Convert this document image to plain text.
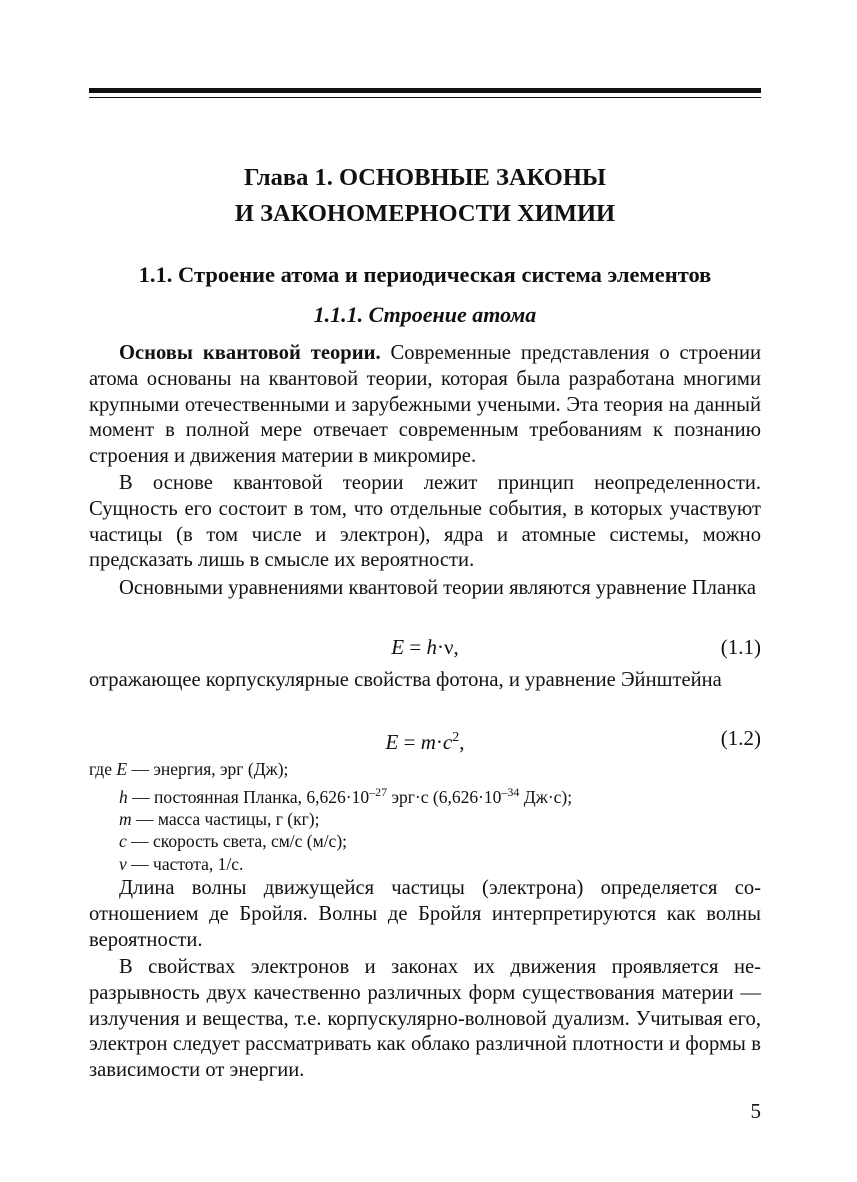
Глава 1. ОСНОВНЫЕ ЗАКОНЫ
И ЗАКОНОМЕРНОСТИ ХИМИИ
1.1. Строение атома и периодическая система элементов
1.1.1. Строение атома

Основы квантовой теории. Современные представления о строении атома основаны на квантовой теории, которая была разработана многими крупными отечественными и зарубежными учеными. Эта теория на данный момент в полной мере отвечает современным требованиям к познанию строения и движения материи в микромире.

В основе квантовой теории лежит принцип неопределенности. Сущность его состоит в том, что отдельные события, в которых участвуют частицы (в том числе и электрон), ядра и атомные системы, можно предсказать лишь в смысле их вероятности.

Основными уравнениями квантовой теории являются уравнение Планка

E = h·ν,	(1.1)

отражающее корпускулярные свойства фотона, и уравнение Эйнштейна

$E = m\cdot c^2$,	(1.2)
где E — энергия, эрг (Дж);
h — постоянная Планка, $6,626\cdot 10^{-27}$ эрг·с ($6,626\cdot 10^{-34}$ Дж·с);
m — масса частицы, г (кг);
c — скорость света, см/с (м/с);
ν — частота, 1/с.

Длина волны движущейся частицы (электрона) определяется соотношением де Бройля. Волны де Бройля интерпретируются как волны вероятности.

В свойствах электронов и законах их движения проявляется неразрывность двух качественно различных форм существования материи — излучения и вещества, т.е. корпускулярно-волновой дуализм. Учитывая его, электрон следует рассматривать как облако различной плотности и формы в зависимости от энергии.

5
